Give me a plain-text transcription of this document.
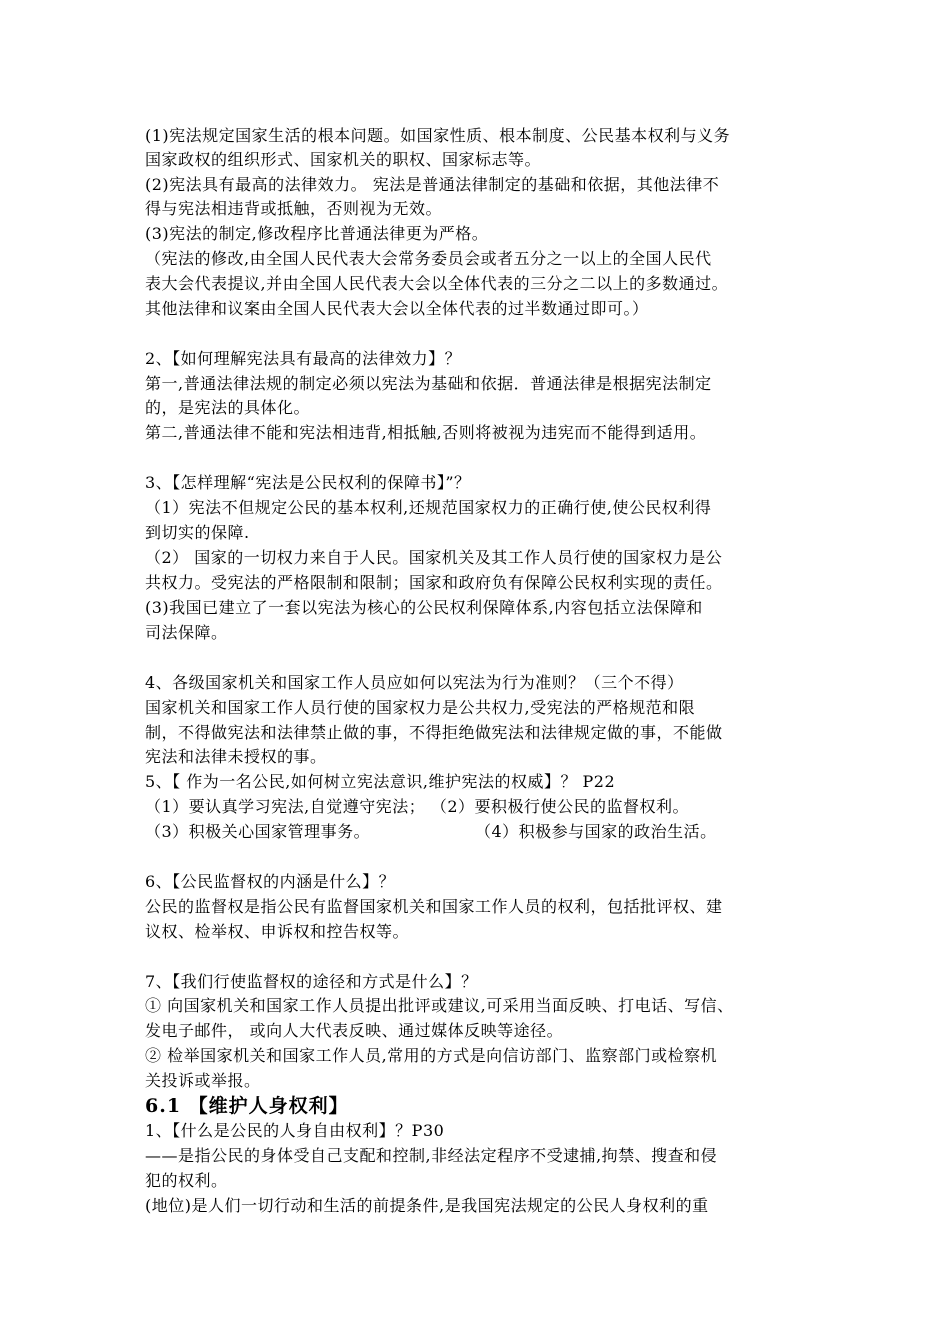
(1)宪法规定国家生活的根本问题。如国家性质、根本制度、公民基本权利与义务
国家政权的组织形式、国家机关的职权、国家标志等。
(2)宪法具有最高的法律效力。 宪法是普通法律制定的基础和依据，其他法律不
得与宪法相违背或抵触，否则视为无效。
(3)宪法的制定,修改程序比普通法律更为严格。
（宪法的修改,由全国人民代表大会常务委员会或者五分之一以上的全国人民代
表大会代表提议,并由全国人民代表大会以全体代表的三分之二以上的多数通过。
其他法律和议案由全国人民代表大会以全体代表的过半数通过即可。）
2、【如何理解宪法具有最高的法律效力】？
第一,普通法律法规的制定必须以宪法为基础和依据．普通法律是根据宪法制定
的，是宪法的具体化。
第二,普通法律不能和宪法相违背,相抵触,否则将被视为违宪而不能得到适用。
3、【怎样理解“宪法是公民权利的保障书】”？
（1）宪法不但规定公民的基本权利,还规范国家权力的正确行使,使公民权利得
到切实的保障.
（2） 国家的一切权力来自于人民。国家机关及其工作人员行使的国家权力是公
共权力。受宪法的严格限制和限制；国家和政府负有保障公民权利实现的责任。
(3)我国已建立了一套以宪法为核心的公民权利保障体系,内容包括立法保障和
司法保障。
4、各级国家机关和国家工作人员应如何以宪法为行为准则？（三个不得）
国家机关和国家工作人员行使的国家权力是公共权力,受宪法的严格规范和限
制，不得做宪法和法律禁止做的事，不得拒绝做宪法和法律规定做的事，不能做
宪法和法律未授权的事。
5、【 作为一名公民,如何树立宪法意识,维护宪法的权威】？ P22
（1）要认真学习宪法,自觉遵守宪法； （2）要积极行使公民的监督权利。
（3）积极关心国家管理事务。	（4）积极参与国家的政治生活。
6、【公民监督权的内涵是什么】？
公民的监督权是指公民有监督国家机关和国家工作人员的权利，包括批评权、建
议权、检举权、申诉权和控告权等。
7、【我们行使监督权的途径和方式是什么】？
① 向国家机关和国家工作人员提出批评或建议,可采用当面反映、打电话、写信、
发电子邮件， 或向人大代表反映、通过媒体反映等途径。
② 检举国家机关和国家工作人员,常用的方式是向信访部门、监察部门或检察机
关投诉或举报。
6.1 【维护人身权利】
1、【什么是公民的人身自由权利】？P30
——是指公民的身体受自己支配和控制,非经法定程序不受逮捕,拘禁、搜查和侵
犯的权利。
(地位)是人们一切行动和生活的前提条件,是我国宪法规定的公民人身权利的重
